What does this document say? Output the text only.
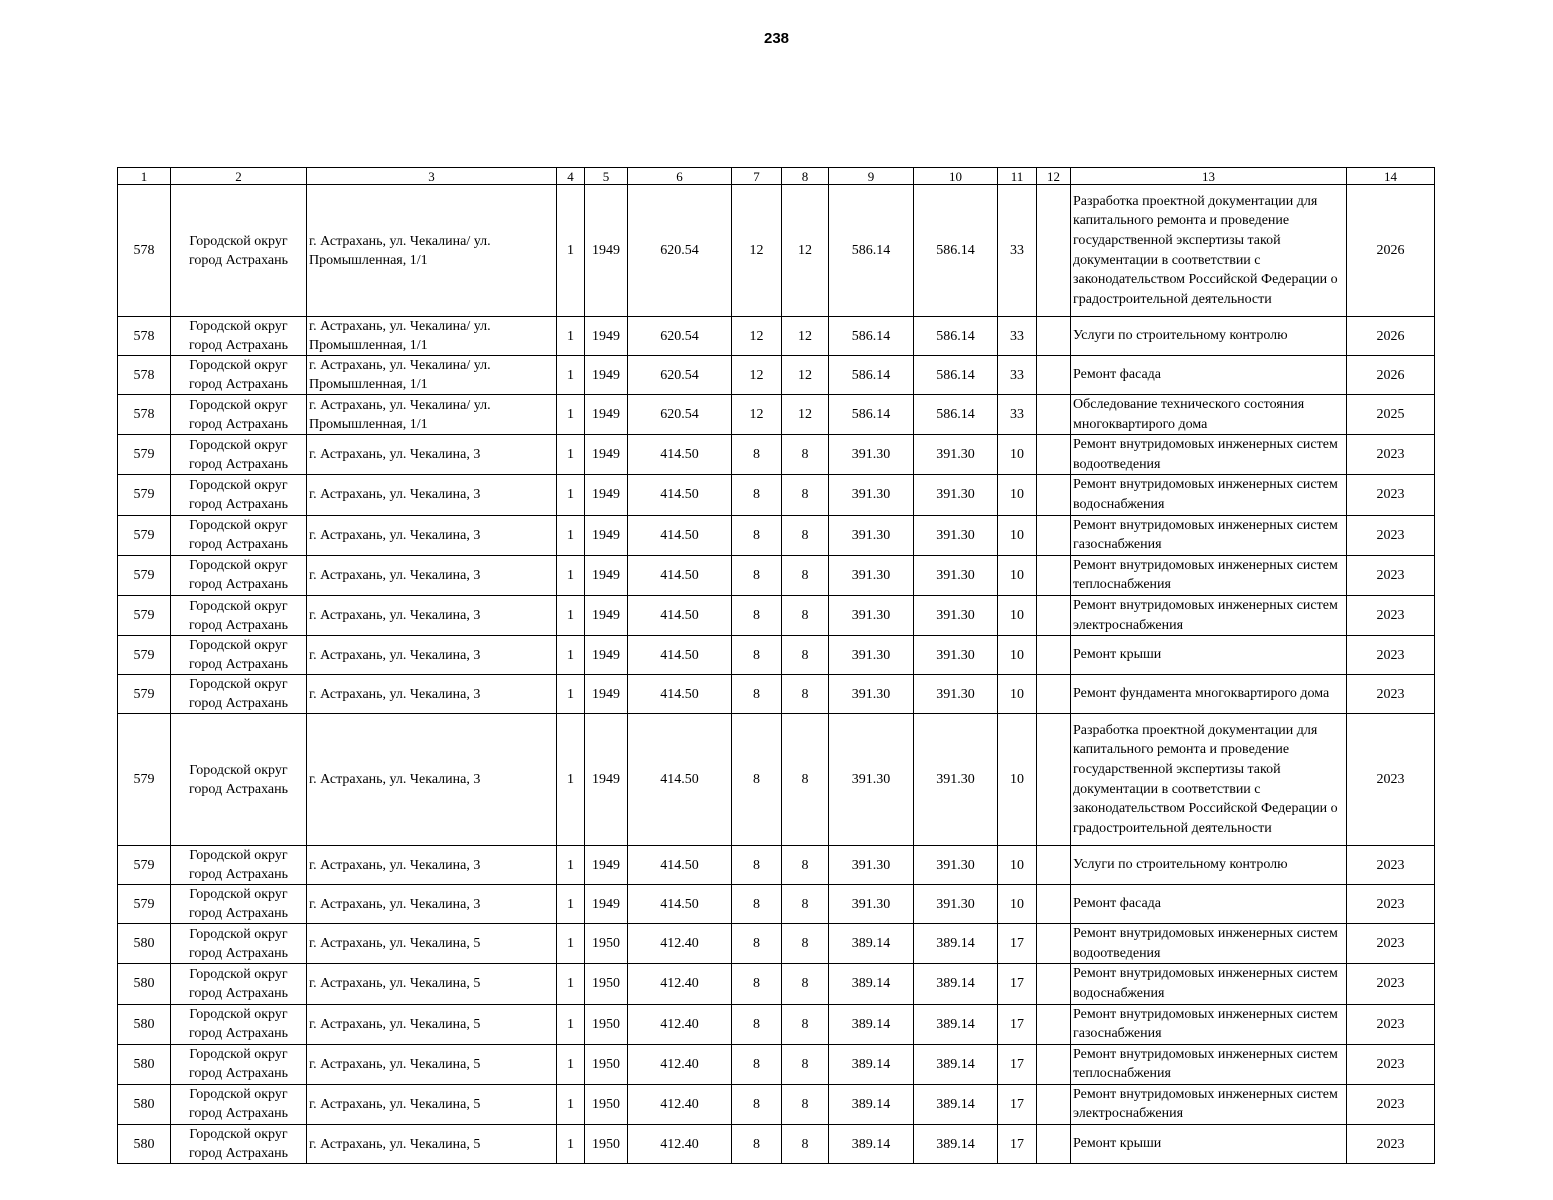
238
1	2	3	4	5	6	7	8	9	10	11	12	13	14
578	Городской округ город Астрахань	г. Астрахань, ул. Чекалина/ ул. Промышленная, 1/1	1	1949	620.54	12	12	586.14	586.14	33		Разработка проектной документации для капитального ремонта и проведение государственной экспертизы такой документации в соответствии с законодательством Российской Федерации о градостроительной деятельности	2026
578	Городской округ город Астрахань	г. Астрахань, ул. Чекалина/ ул. Промышленная, 1/1	1	1949	620.54	12	12	586.14	586.14	33		Услуги по строительному контролю	2026
578	Городской округ город Астрахань	г. Астрахань, ул. Чекалина/ ул. Промышленная, 1/1	1	1949	620.54	12	12	586.14	586.14	33		Ремонт фасада	2026
578	Городской округ город Астрахань	г. Астрахань, ул. Чекалина/ ул. Промышленная, 1/1	1	1949	620.54	12	12	586.14	586.14	33		Обследование технического состояния многоквартирого дома	2025
579	Городской округ город Астрахань	г. Астрахань, ул. Чекалина, 3	1	1949	414.50	8	8	391.30	391.30	10		Ремонт внутридомовых инженерных систем водоотведения	2023
579	Городской округ город Астрахань	г. Астрахань, ул. Чекалина, 3	1	1949	414.50	8	8	391.30	391.30	10		Ремонт внутридомовых инженерных систем водоснабжения	2023
579	Городской округ город Астрахань	г. Астрахань, ул. Чекалина, 3	1	1949	414.50	8	8	391.30	391.30	10		Ремонт внутридомовых инженерных систем газоснабжения	2023
579	Городской округ город Астрахань	г. Астрахань, ул. Чекалина, 3	1	1949	414.50	8	8	391.30	391.30	10		Ремонт внутридомовых инженерных систем теплоснабжения	2023
579	Городской округ город Астрахань	г. Астрахань, ул. Чекалина, 3	1	1949	414.50	8	8	391.30	391.30	10		Ремонт внутридомовых инженерных систем электроснабжения	2023
579	Городской округ город Астрахань	г. Астрахань, ул. Чекалина, 3	1	1949	414.50	8	8	391.30	391.30	10		Ремонт крыши	2023
579	Городской округ город Астрахань	г. Астрахань, ул. Чекалина, 3	1	1949	414.50	8	8	391.30	391.30	10		Ремонт фундамента многоквартирого дома	2023
579	Городской округ город Астрахань	г. Астрахань, ул. Чекалина, 3	1	1949	414.50	8	8	391.30	391.30	10		Разработка проектной документации для капитального ремонта и проведение государственной экспертизы такой документации в соответствии с законодательством Российской Федерации о градостроительной деятельности	2023
579	Городской округ город Астрахань	г. Астрахань, ул. Чекалина, 3	1	1949	414.50	8	8	391.30	391.30	10		Услуги по строительному контролю	2023
579	Городской округ город Астрахань	г. Астрахань, ул. Чекалина, 3	1	1949	414.50	8	8	391.30	391.30	10		Ремонт фасада	2023
580	Городской округ город Астрахань	г. Астрахань, ул. Чекалина, 5	1	1950	412.40	8	8	389.14	389.14	17		Ремонт внутридомовых инженерных систем водоотведения	2023
580	Городской округ город Астрахань	г. Астрахань, ул. Чекалина, 5	1	1950	412.40	8	8	389.14	389.14	17		Ремонт внутридомовых инженерных систем водоснабжения	2023
580	Городской округ город Астрахань	г. Астрахань, ул. Чекалина, 5	1	1950	412.40	8	8	389.14	389.14	17		Ремонт внутридомовых инженерных систем газоснабжения	2023
580	Городской округ город Астрахань	г. Астрахань, ул. Чекалина, 5	1	1950	412.40	8	8	389.14	389.14	17		Ремонт внутридомовых инженерных систем теплоснабжения	2023
580	Городской округ город Астрахань	г. Астрахань, ул. Чекалина, 5	1	1950	412.40	8	8	389.14	389.14	17		Ремонт внутридомовых инженерных систем электроснабжения	2023
580	Городской округ город Астрахань	г. Астрахань, ул. Чекалина, 5	1	1950	412.40	8	8	389.14	389.14	17		Ремонт крыши	2023
